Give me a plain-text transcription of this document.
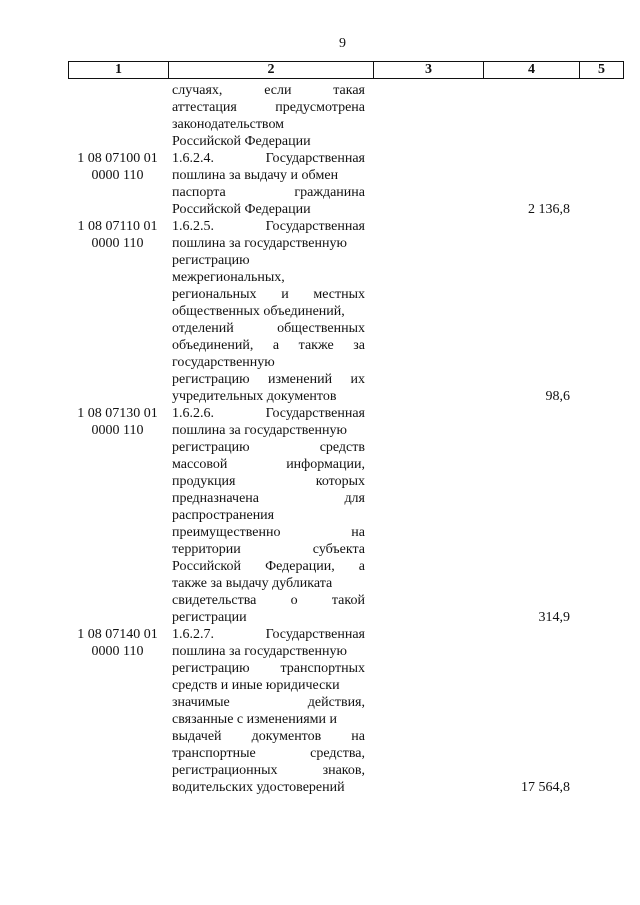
9
1	2	3	4	5
случаях,	если	такая
аттестация	предусмотрена
законодательством
Российской Федерации
1 08 07100 01
0000 110
1.6.2.4.	Государственная
пошлина за выдачу и обмен
паспорта	гражданина
Российской Федерации	2 136,8
1 08 07110 01
0000 110
1.6.2.5.	Государственная
пошлина за государственную
регистрацию
межрегиональных,
региональных и местных
общественных объединений,
отделений	общественных
объединений, а также за
государственную
регистрацию изменений их
учредительных документов	98,6
1 08 07130 01
0000 110
1.6.2.6.	Государственная
пошлина за государственную
регистрацию	средств
массовой	информации,
продукция	которых
предназначена	для
распространения
преимущественно	на
территории	субъекта
Российской Федерации, а
также за выдачу дубликата
свидетельства о такой
регистрации	314,9
1 08 07140 01
0000 110
1.6.2.7.	Государственная
пошлина за государственную
регистрацию транспортных
средств и иные юридически
значимые	действия,
связанные с изменениями и
выдачей документов на
транспортные	средства,
регистрационных	знаков,
водительских удостоверений	17 564,8
